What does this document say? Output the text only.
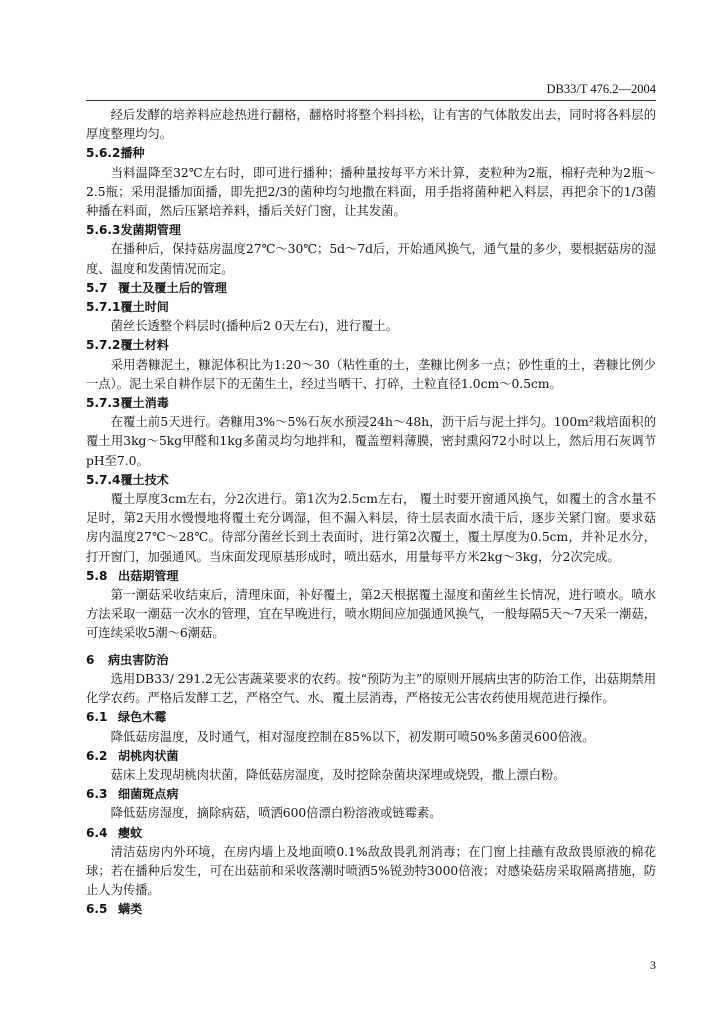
DB33/T 476.2—2004

经后发酵的培养料应趁热进行翻格，翻格时将整个料抖松，让有害的气体散发出去，同时将各料层的厚度整理均匀。

5.6.2播种

当料温降至32℃左右时，即可进行播种；播种量按每平方米计算，麦粒种为2瓶，棉籽壳种为2瓶～2.5瓶；采用混播加面播，即先把2/3的菌种均匀地撒在料面，用手指将菌种耙入料层，再把余下的1/3菌种播在料面，然后压紧培养料，播后关好门窗，让其发菌。

5.6.3发菌期管理

在播种后，保持菇房温度27℃～30℃；5d～7d后，开始通风换气，通气量的多少，要根据菇房的湿度、温度和发菌情况而定。

5.7 覆土及覆土后的管理
5.7.1覆土时间

菌丝长透整个料层时(播种后2 0天左右)，进行覆土。

5.7.2覆土材料

采用砻糠泥土，糠泥体积比为1:20～30（粘性重的土，垄糠比例多一点；砂性重的土，砻糠比例少一点）。泥土采自耕作层下的无菌生土，经过当晒干、打碎，土粒直径1.0cm～0.5cm。

5.7.3覆土消毒

在覆土前5天进行。砻糠用3%～5%石灰水预浸24h～48h，沥干后与泥土拌匀。100m²栽培面积的覆土用3kg～5kg甲醛和1kg多菌灵均匀地拌和，覆盖塑料薄膜，密封熏闷72小时以上，然后用石灰调节pH至7.0。

5.7.4覆土技术

覆土厚度3cm左右，分2次进行。第1次为2.5cm左右， 覆土时要开窗通风换气，如覆土的含水量不足时，第2天用水慢慢地将覆土充分调湿，但不漏入料层，待土层表面水渍干后，逐步关紧门窗。要求菇房内温度27℃～28℃。待部分菌丝长到土表面时，进行第2次覆土，覆土厚度为0.5cm，并补足水分，打开窗门，加强通风。当床面发现原基形成时，喷出菇水，用量每平方米2kg～3kg，分2次完成。

5.8 出菇期管理

第一潮菇采收结束后，清理床面，补好覆土，第2天根据覆土湿度和菌丝生长情况，进行喷水。喷水方法采取一潮菇一次水的管理，宜在早晚进行，喷水期间应加强通风换气，一般每隔5天～7天采一潮菇，可连续采收5潮～6潮菇。

6 病虫害防治

选用DB33/ 291.2无公害蔬菜要求的农药。按“预防为主”的原则开展病虫害的防治工作，出菇期禁用化学农药。严格后发酵工艺，严格空气、水、覆土层消毒，严格按无公害农药使用规范进行操作。

6.1 绿色木霉

降低菇房温度，及时通气，相对湿度控制在85%以下，初发期可喷50%多菌灵600倍液。

6.2 胡桃肉状菌

菇床上发现胡桃肉状菌，降低菇房湿度，及时挖除杂菌块深埋或烧毁，撒上漂白粉。

6.3 细菌斑点病

降低菇房湿度，摘除病菇，喷洒600倍漂白粉溶液或链霉素。

6.4 瘿蚊

清洁菇房内外环境，在房内墙上及地面喷0.1%敌敌畏乳剂消毒；在门窗上挂蘸有敌敌畏原液的棉花球；若在播种后发生，可在出菇前和采收落潮时喷洒5%锐劲特3000倍液；对感染菇房采取隔离措施，防止人为传播。

6.5 螨类
3
